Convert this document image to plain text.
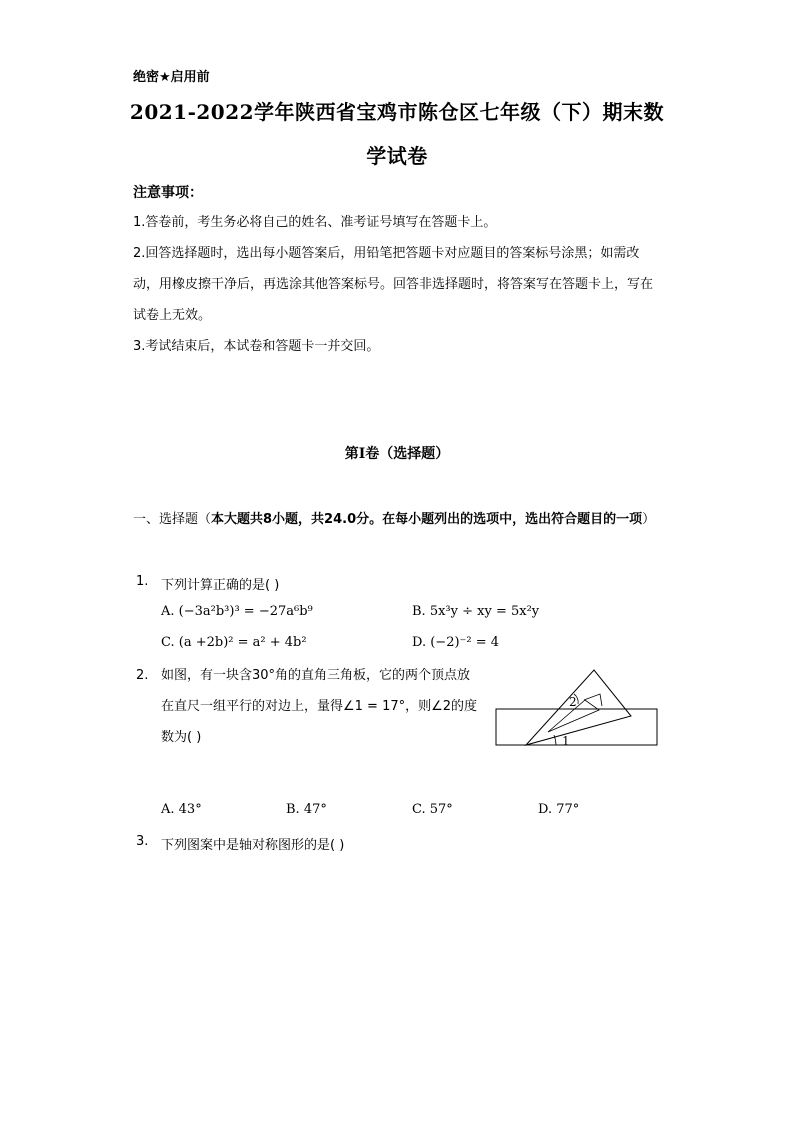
绝密★启用前
2021-2022学年陕西省宝鸡市陈仓区七年级（下）期末数
学试卷
注意事项：
1.答卷前，考生务必将自己的姓名、准考证号填写在答题卡上。
2.回答选择题时，选出每小题答案后，用铅笔把答题卡对应题目的答案标号涂黑；如需改动，用橡皮擦干净后，再选涂其他答案标号。回答非选择题时，将答案写在答题卡上，写在试卷上无效。
3.考试结束后，本试卷和答题卡一并交回。
第I卷（选择题）
一、选择题（本大题共8小题，共24.0分。在每小题列出的选项中，选出符合题目的一项）
1. 下列计算正确的是( )
A. (−3a²b³)³ = −27a⁶b⁹	B. 5x³y ÷ xy = 5x²y
C. (a +2b)² = a² + 4b²	D. (−2)⁻² = 4
2. 如图，有一块含30°角的直角三角板，它的两个顶点放在直尺一组平行的对边上，量得∠1 = 17°，则∠2的度数为( )	1
2
A. 43°	B. 47°	C. 57°	D. 77°
3. 下列图案中是轴对称图形的是( )
